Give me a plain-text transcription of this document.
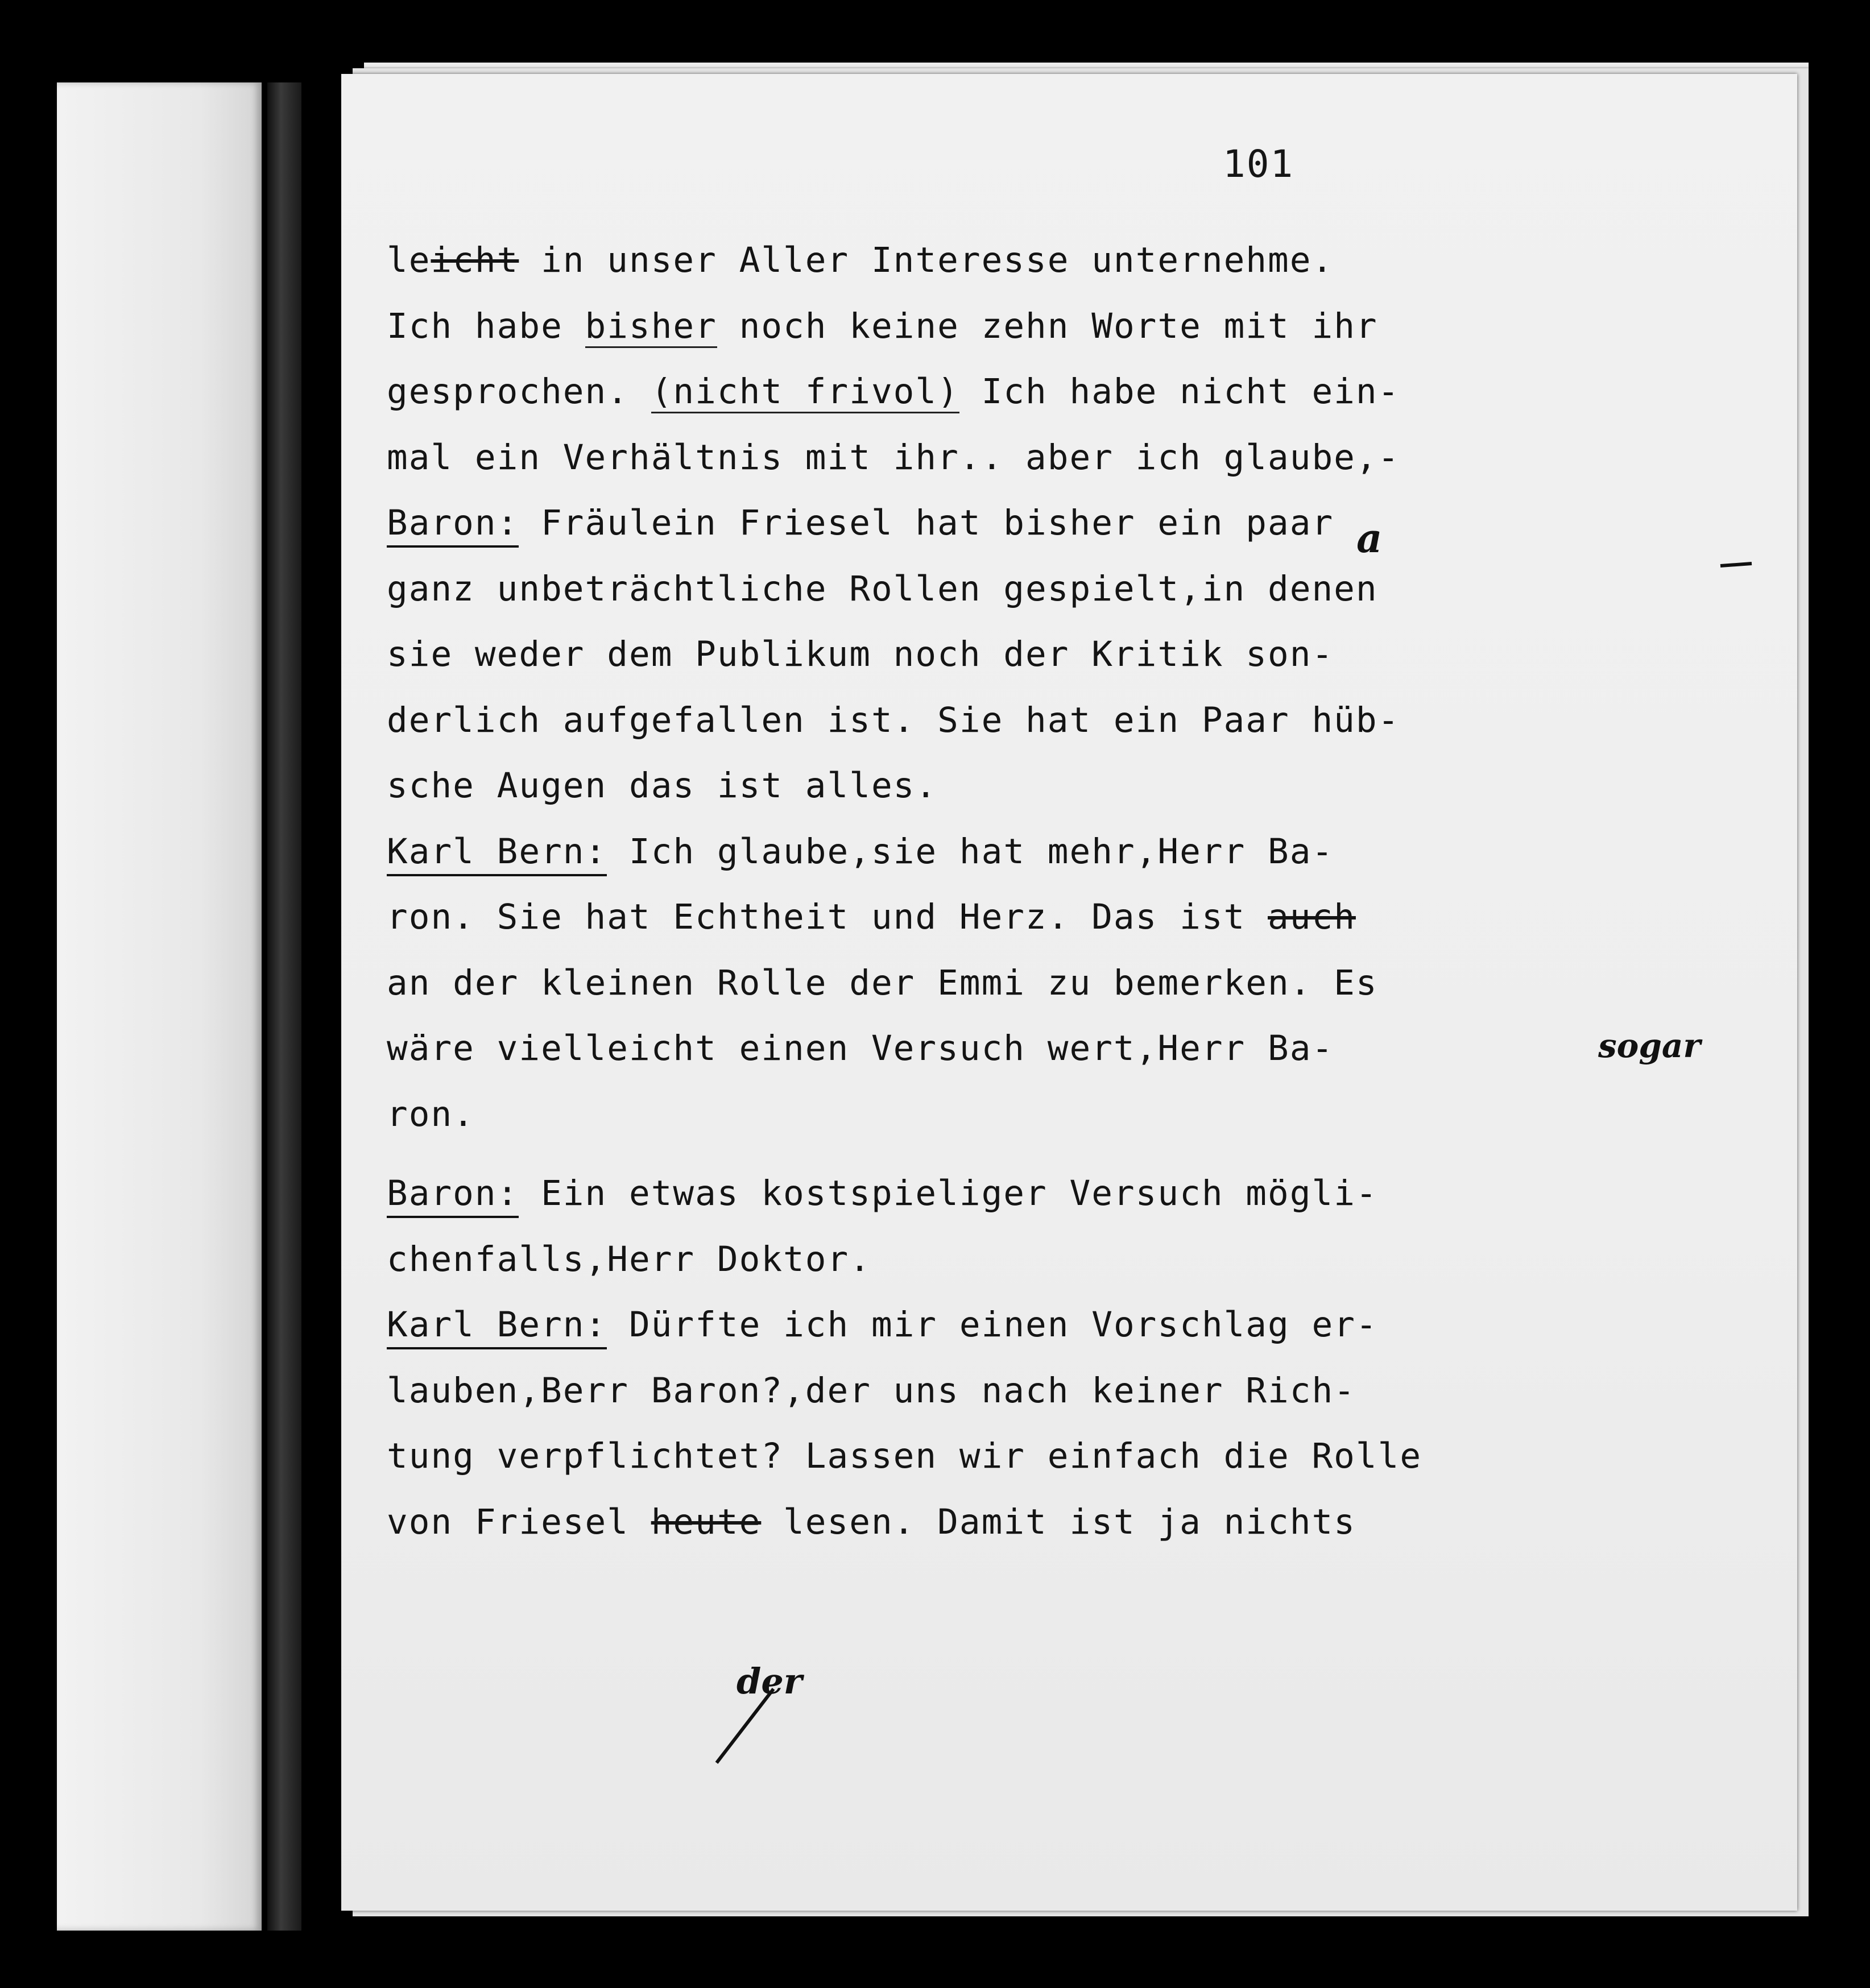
101
leicht in unser Aller Interesse unternehme.
Ich habe bisher noch keine zehn Worte mit ihr
gesprochen. (nicht frivol) Ich habe nicht ein-
mal ein Verhältnis mit ihr.. aber ich glaube,-
Baron: Fräulein Friesel hat bisher ein paar
ganz unbeträchtliche Rollen gespielt,in denen
sie weder dem Publikum noch der Kritik son-
derlich aufgefallen ist. Sie hat ein Paar hüb-
sche Augen das ist alles.
Karl Bern: Ich glaube,sie hat mehr,Herr Ba-
ron. Sie hat Echtheit und Herz. Das ist auch
an der kleinen Rolle der Emmi zu bemerken. Es
wäre vielleicht einen Versuch wert,Herr Ba-
ron.
Baron: Ein etwas kostspieliger Versuch mögli-
chenfalls,Herr Doktor.
Karl Bern: Dürfte ich mir einen Vorschlag er-
lauben,Berr Baron?,der uns nach keiner Rich-
tung verpflichtet? Lassen wir einfach die Rolle
von Friesel heute lesen. Damit ist ja nichts
a
sogar
der
